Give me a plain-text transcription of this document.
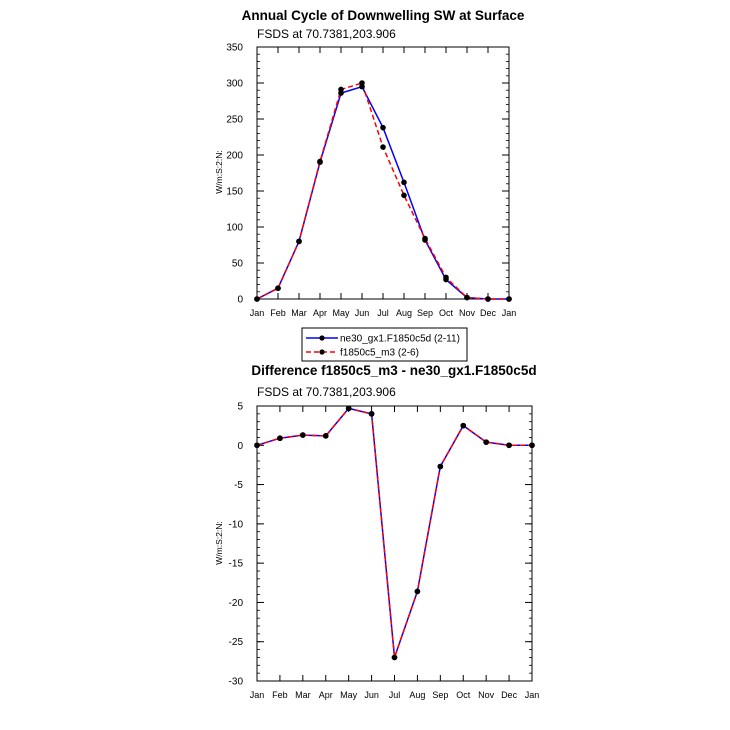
Annual Cycle of Downwelling SW at Surface
FSDS at 70.7381,203.906
W/m:S:2:N:
Jan Feb Mar Apr May Jun Jul Aug Sep Oct Nov Dec Jan
0
50
100
150
200
250
300
350
ne30_gx1.F1850c5d (2-11)
f1850c5_m3 (2-6)
Difference f1850c5_m3 - ne30_gx1.F1850c5d
FSDS at 70.7381,203.906
W/m:S:2:N:
Jan Feb Mar Apr May Jun Jul Aug Sep Oct Nov Dec Jan
5
0
-5
-10
-15
-20
-25
-30
